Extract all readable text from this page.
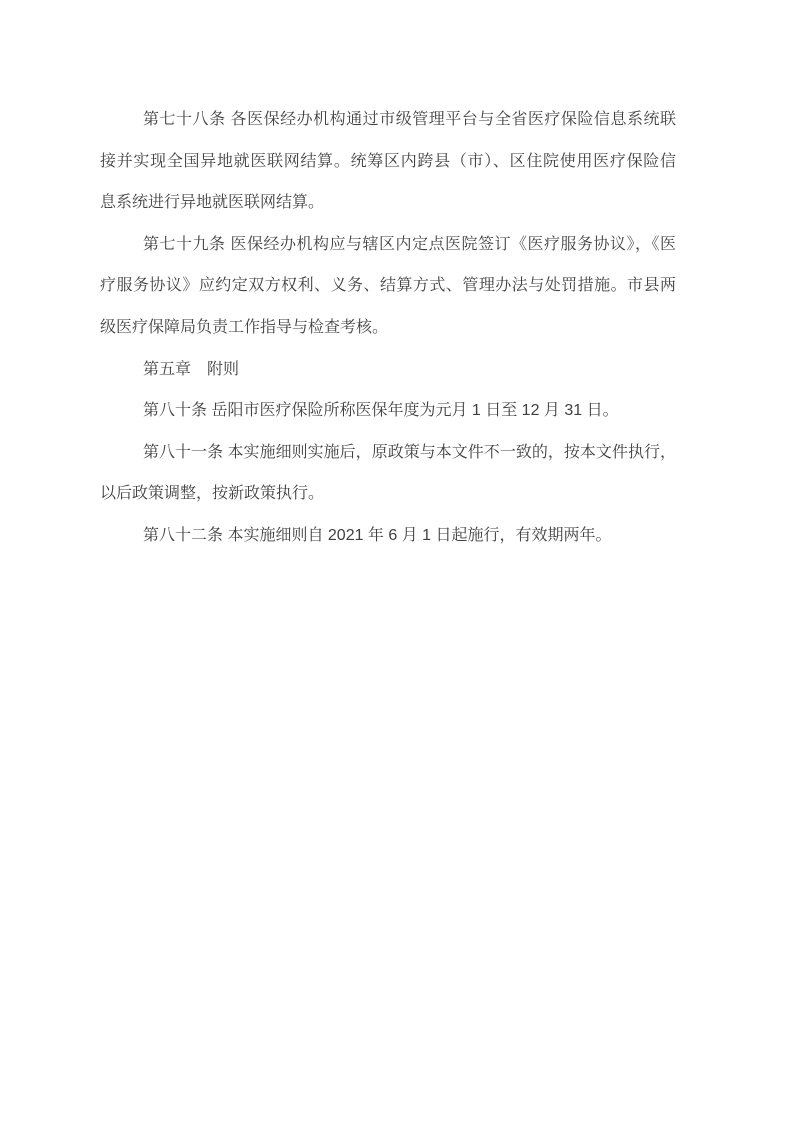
第七十八条 各医保经办机构通过市级管理平台与全省医疗保险信息系统联
接并实现全国异地就医联网结算。统筹区内跨县（市）、区住院使用医疗保险信
息系统进行异地就医联网结算。
第七十九条 医保经办机构应与辖区内定点医院签订《医疗服务协议》，《医
疗服务协议》应约定双方权利、义务、结算方式、管理办法与处罚措施。市县两
级医疗保障局负责工作指导与检查考核。
第五章　附则
第八十条 岳阳市医疗保险所称医保年度为元月 1 日至 12 月 31 日。
第八十一条 本实施细则实施后，原政策与本文件不一致的，按本文件执行，
以后政策调整，按新政策执行。
第八十二条 本实施细则自 2021 年 6 月 1 日起施行，有效期两年。
